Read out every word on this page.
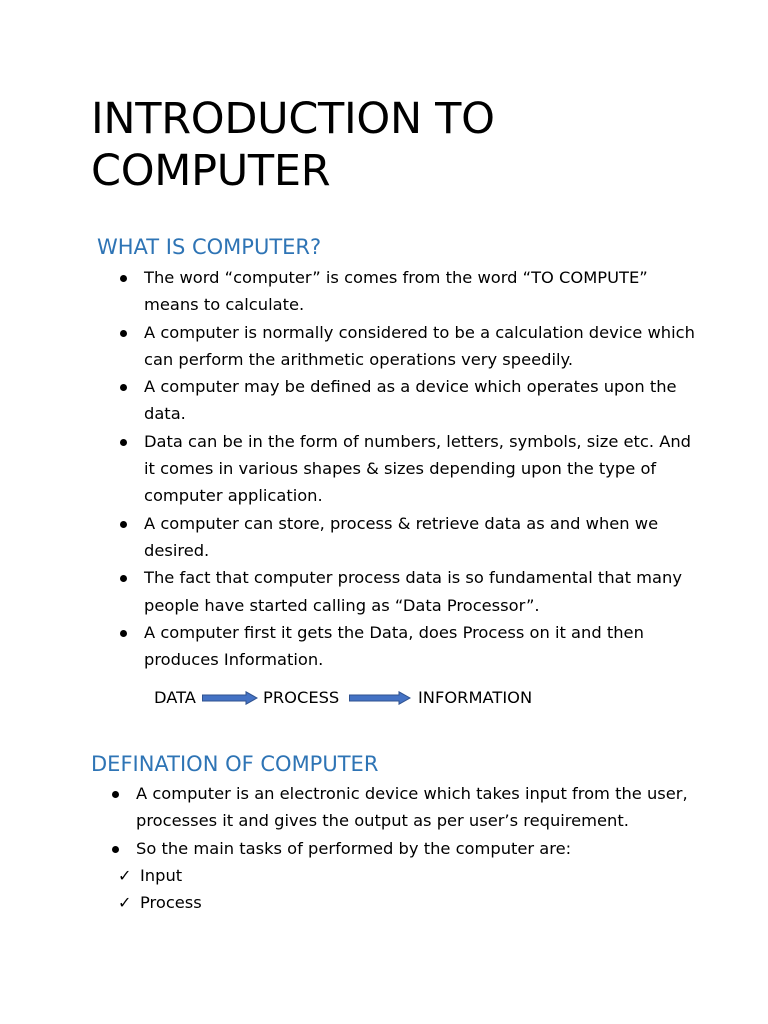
INTRODUCTION TO COMPUTER
WHAT IS COMPUTER?
The word “computer” is comes from the word “TO COMPUTE” means to calculate.
A computer is normally considered to be a calculation device which can perform the arithmetic operations very speedily.
A computer may be defined as a device which operates upon the data.
Data can be in the form of numbers, letters, symbols, size etc. And it comes in various shapes & sizes depending upon the type of computer application.
A computer can store, process & retrieve data as and when we desired.
The fact that computer process data is so fundamental that many people have started calling as “Data Processor”.
A computer first it gets the Data, does Process on it and then produces Information.
DATA	PROCESS	INFORMATION
DEFINATION OF COMPUTER
A computer is an electronic device which takes input from the user, processes it and gives the output as per user’s requirement.
So the main tasks of performed by the computer are:
✓ Input
✓ Process
